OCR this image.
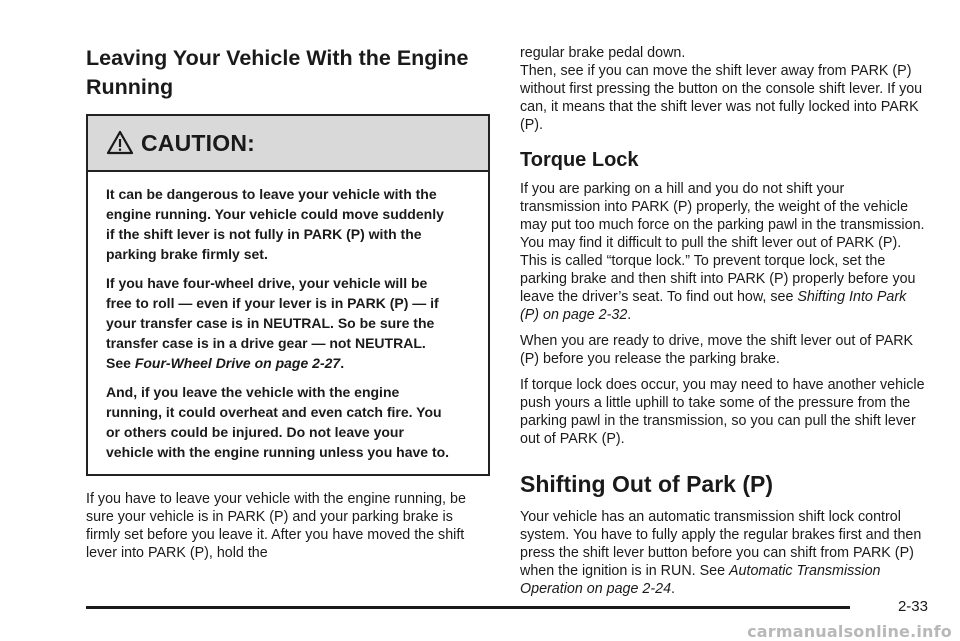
Leaving Your Vehicle With the Engine Running
CAUTION:

It can be dangerous to leave your vehicle with the engine running. Your vehicle could move suddenly if the shift lever is not fully in PARK (P) with the parking brake firmly set.

If you have four-wheel drive, your vehicle will be free to roll — even if your lever is in PARK (P) — if your transfer case is in NEUTRAL. So be sure the transfer case is in a drive gear — not NEUTRAL. See Four-Wheel Drive on page 2-27.

And, if you leave the vehicle with the engine running, it could overheat and even catch fire. You or others could be injured. Do not leave your vehicle with the engine running unless you have to.

If you have to leave your vehicle with the engine running, be sure your vehicle is in PARK (P) and your parking brake is firmly set before you leave it. After you have moved the shift lever into PARK (P), hold the

regular brake pedal down.

Then, see if you can move the shift lever away from PARK (P) without first pressing the button on the console shift lever. If you can, it means that the shift lever was not fully locked into PARK (P).

Torque Lock

If you are parking on a hill and you do not shift your transmission into PARK (P) properly, the weight of the vehicle may put too much force on the parking pawl in the transmission. You may find it difficult to pull the shift lever out of PARK (P). This is called “torque lock.” To prevent torque lock, set the parking brake and then shift into PARK (P) properly before you leave the driver’s seat. To find out how, see Shifting Into Park (P) on page 2-32.

When you are ready to drive, move the shift lever out of PARK (P) before you release the parking brake.

If torque lock does occur, you may need to have another vehicle push yours a little uphill to take some of the pressure from the parking pawl in the transmission, so you can pull the shift lever out of PARK (P).

Shifting Out of Park (P)

Your vehicle has an automatic transmission shift lock control system. You have to fully apply the regular brakes first and then press the shift lever button before you can shift from PARK (P) when the ignition is in RUN. See Automatic Transmission Operation on page 2-24.

2-33
carmanualsonline.info
